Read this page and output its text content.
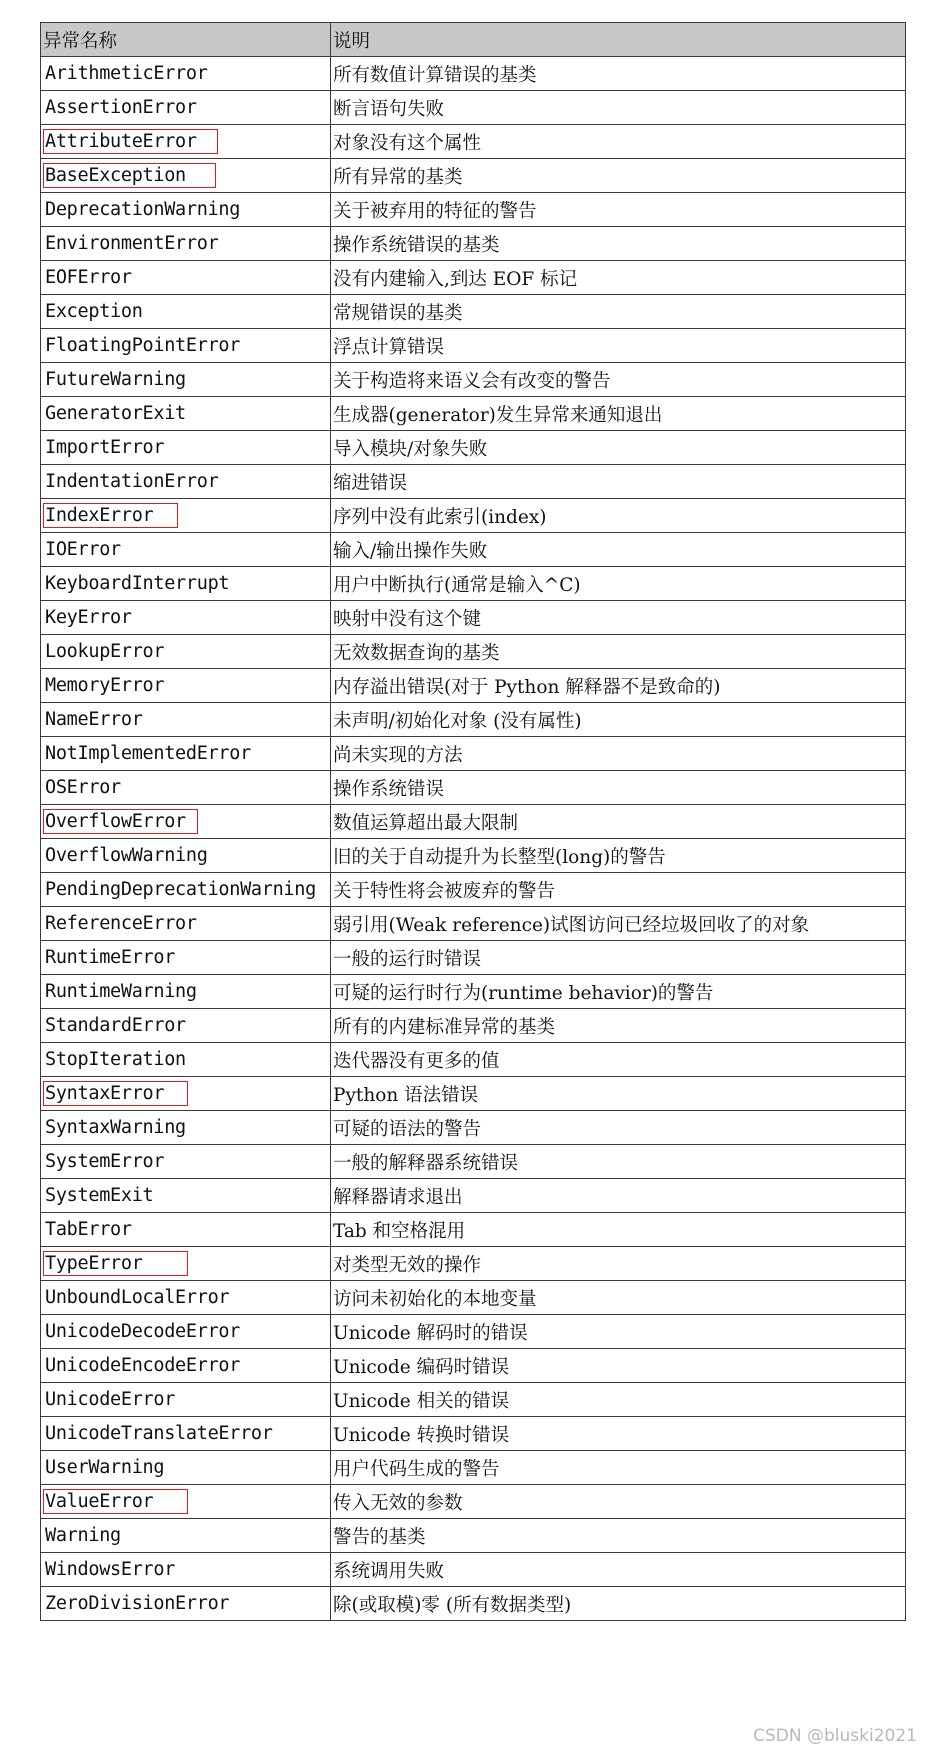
异常名称	说明
ArithmeticError	所有数值计算错误的基类
AssertionError	断言语句失败
AttributeError	对象没有这个属性
BaseException	所有异常的基类
DeprecationWarning	关于被弃用的特征的警告
EnvironmentError	操作系统错误的基类
EOFError	没有内建输入,到达 EOF 标记
Exception	常规错误的基类
FloatingPointError	浮点计算错误
FutureWarning	关于构造将来语义会有改变的警告
GeneratorExit	生成器(generator)发生异常来通知退出
ImportError	导入模块/对象失败
IndentationError	缩进错误
IndexError	序列中没有此索引(index)
IOError	输入/输出操作失败
KeyboardInterrupt	用户中断执行(通常是输入^C)
KeyError	映射中没有这个键
LookupError	无效数据查询的基类
MemoryError	内存溢出错误(对于 Python 解释器不是致命的)
NameError	未声明/初始化对象 (没有属性)
NotImplementedError	尚未实现的方法
OSError	操作系统错误
OverflowError	数值运算超出最大限制
OverflowWarning	旧的关于自动提升为长整型(long)的警告
PendingDeprecationWarning	关于特性将会被废弃的警告
ReferenceError	弱引用(Weak reference)试图访问已经垃圾回收了的对象
RuntimeError	一般的运行时错误
RuntimeWarning	可疑的运行时行为(runtime behavior)的警告
StandardError	所有的内建标准异常的基类
StopIteration	迭代器没有更多的值
SyntaxError	Python 语法错误
SyntaxWarning	可疑的语法的警告
SystemError	一般的解释器系统错误
SystemExit	解释器请求退出
TabError	Tab 和空格混用
TypeError	对类型无效的操作
UnboundLocalError	访问未初始化的本地变量
UnicodeDecodeError	Unicode 解码时的错误
UnicodeEncodeError	Unicode 编码时错误
UnicodeError	Unicode 相关的错误
UnicodeTranslateError	Unicode 转换时错误
UserWarning	用户代码生成的警告
ValueError	传入无效的参数
Warning	警告的基类
WindowsError	系统调用失败
ZeroDivisionError	除(或取模)零 (所有数据类型)
CSDN @bluski2021
